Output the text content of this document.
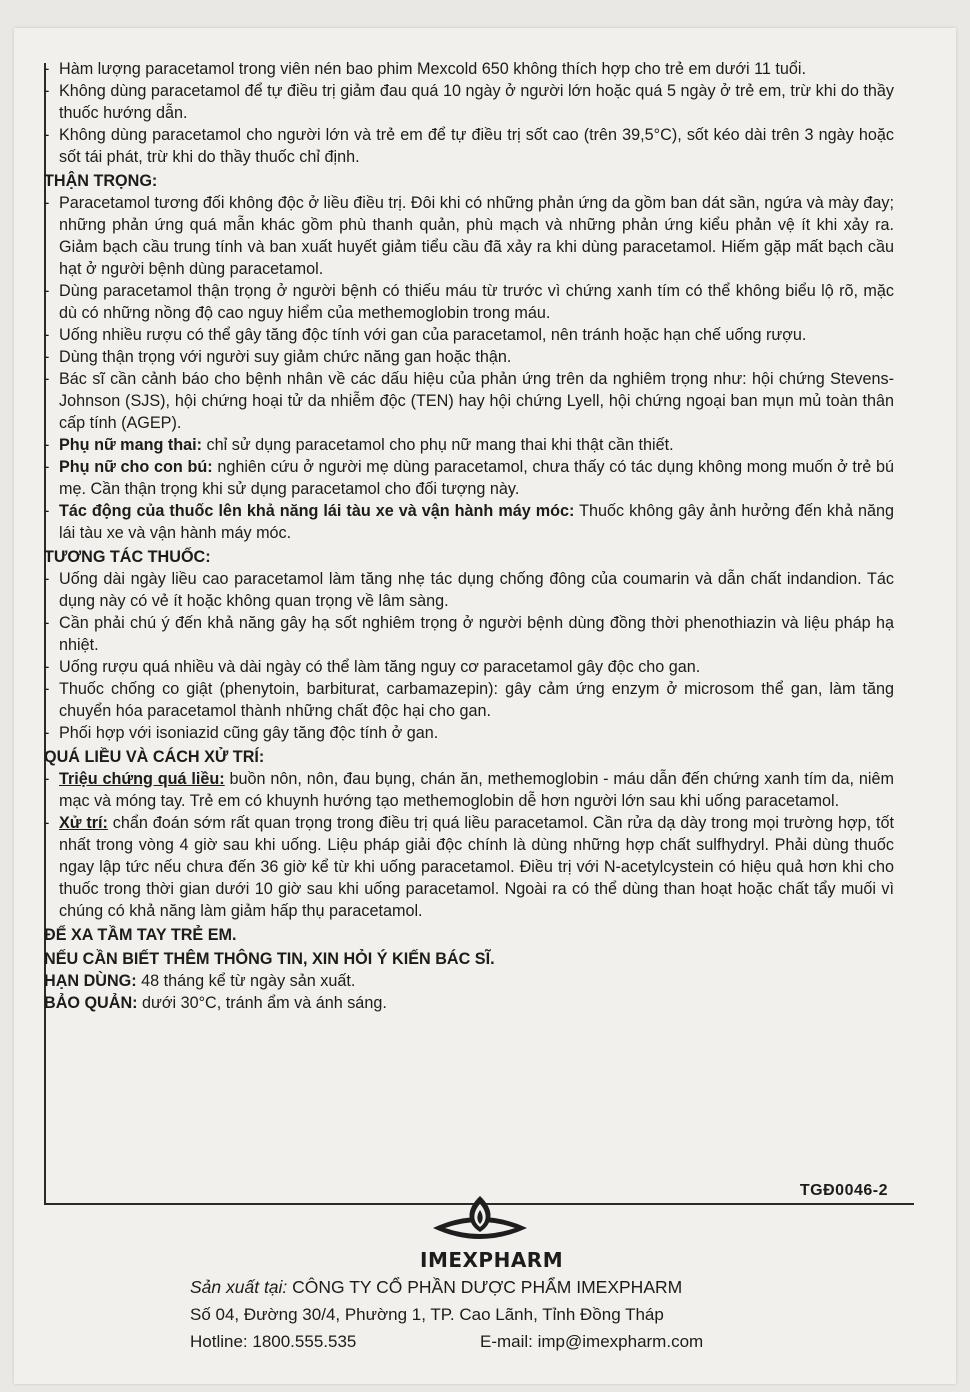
- Hàm lượng paracetamol trong viên nén bao phim Mexcold 650 không thích hợp cho trẻ em dưới 11 tuổi.
- Không dùng paracetamol để tự điều trị giảm đau quá 10 ngày ở người lớn hoặc quá 5 ngày ở trẻ em, trừ khi do thầy thuốc hướng dẫn.
- Không dùng paracetamol cho người lớn và trẻ em để tự điều trị sốt cao (trên 39,5°C), sốt kéo dài trên 3 ngày hoặc sốt tái phát, trừ khi do thầy thuốc chỉ định.
THẬN TRỌNG:
- Paracetamol tương đối không độc ở liều điều trị. Đôi khi có những phản ứng da gồm ban dát sần, ngứa và mày đay; những phản ứng quá mẫn khác gồm phù thanh quản, phù mạch và những phản ứng kiểu phản vệ ít khi xảy ra. Giảm bạch cầu trung tính và ban xuất huyết giảm tiểu cầu đã xảy ra khi dùng paracetamol. Hiếm gặp mất bạch cầu hạt ở người bệnh dùng paracetamol.
- Dùng paracetamol thận trọng ở người bệnh có thiếu máu từ trước vì chứng xanh tím có thể không biểu lộ rõ, mặc dù có những nồng độ cao nguy hiểm của methemoglobin trong máu.
- Uống nhiều rượu có thể gây tăng độc tính với gan của paracetamol, nên tránh hoặc hạn chế uống rượu.
- Dùng thận trọng với người suy giảm chức năng gan hoặc thận.
- Bác sĩ cần cảnh báo cho bệnh nhân về các dấu hiệu của phản ứng trên da nghiêm trọng như: hội chứng Stevens-Johnson (SJS), hội chứng hoại tử da nhiễm độc (TEN) hay hội chứng Lyell, hội chứng ngoại ban mụn mủ toàn thân cấp tính (AGEP).
- Phụ nữ mang thai: chỉ sử dụng paracetamol cho phụ nữ mang thai khi thật cần thiết.
- Phụ nữ cho con bú: nghiên cứu ở người mẹ dùng paracetamol, chưa thấy có tác dụng không mong muốn ở trẻ bú mẹ. Cần thận trọng khi sử dụng paracetamol cho đối tượng này.
- Tác động của thuốc lên khả năng lái tàu xe và vận hành máy móc: Thuốc không gây ảnh hưởng đến khả năng lái tàu xe và vận hành máy móc.
TƯƠNG TÁC THUỐC:
- Uống dài ngày liều cao paracetamol làm tăng nhẹ tác dụng chống đông của coumarin và dẫn chất indandion. Tác dụng này có vẻ ít hoặc không quan trọng về lâm sàng.
- Cần phải chú ý đến khả năng gây hạ sốt nghiêm trọng ở người bệnh dùng đồng thời phenothiazin và liệu pháp hạ nhiệt.
- Uống rượu quá nhiều và dài ngày có thể làm tăng nguy cơ paracetamol gây độc cho gan.
- Thuốc chống co giật (phenytoin, barbiturat, carbamazepin): gây cảm ứng enzym ở microsom thể gan, làm tăng chuyển hóa paracetamol thành những chất độc hại cho gan.
- Phối hợp với isoniazid cũng gây tăng độc tính ở gan.
QUÁ LIỀU VÀ CÁCH XỬ TRÍ:
- Triệu chứng quá liều: buồn nôn, nôn, đau bụng, chán ăn, methemoglobin - máu dẫn đến chứng xanh tím da, niêm mạc và móng tay. Trẻ em có khuynh hướng tạo methemoglobin dễ hơn người lớn sau khi uống paracetamol.
- Xử trí: chẩn đoán sớm rất quan trọng trong điều trị quá liều paracetamol. Cần rửa dạ dày trong mọi trường hợp, tốt nhất trong vòng 4 giờ sau khi uống. Liệu pháp giải độc chính là dùng những hợp chất sulfhydryl. Phải dùng thuốc ngay lập tức nếu chưa đến 36 giờ kể từ khi uống paracetamol. Điều trị với N-acetylcystein có hiệu quả hơn khi cho thuốc trong thời gian dưới 10 giờ sau khi uống paracetamol. Ngoài ra có thể dùng than hoạt hoặc chất tẩy muối vì chúng có khả năng làm giảm hấp thụ paracetamol.
ĐỂ XA TẦM TAY TRẺ EM.
NẾU CẦN BIẾT THÊM THÔNG TIN, XIN HỎI Ý KIẾN BÁC SĨ.
HẠN DÙNG: 48 tháng kể từ ngày sản xuất.
BẢO QUẢN: dưới 30°C, tránh ẩm và ánh sáng.
TGĐ0046-2
IMEXPHARM
Sản xuất tại: CÔNG TY CỔ PHẦN DƯỢC PHẨM IMEXPHARM
Số 04, Đường 30/4, Phường 1, TP. Cao Lãnh, Tỉnh Đồng Tháp
Hotline: 1800.555.535	E-mail: imp@imexpharm.com
